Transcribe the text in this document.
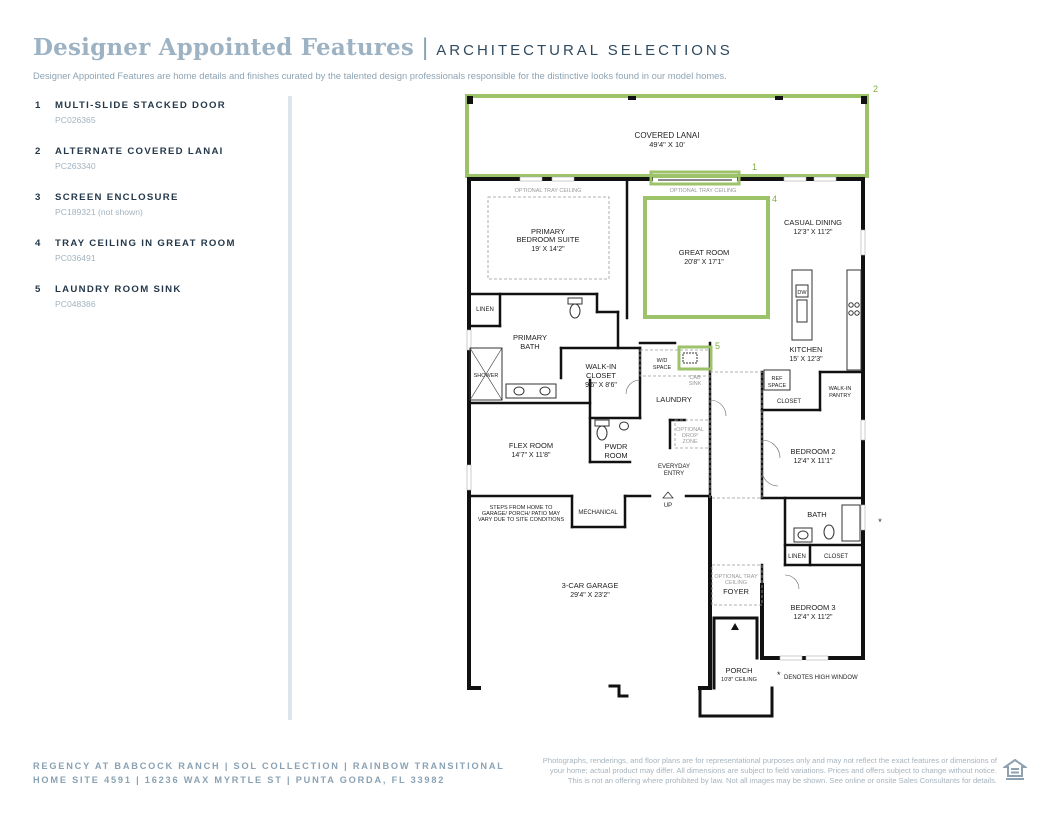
Designer Appointed Features | ARCHITECTURAL SELECTIONS
Designer Appointed Features are home details and finishes curated by the talented design professionals responsible for the distinctive looks found in our model homes.
1	MULTI-SLIDE STACKED DOOR
PC026365
2	ALTERNATE COVERED LANAI
PC263340
3	SCREEN ENCLOSURE
PC189321 (not shown)
4	TRAY CEILING IN GREAT ROOM
PC036491
5	LAUNDRY ROOM SINK
PC048386
1
2
4
5
COVERED LANAI
49'4" X 10'
OPTIONAL TRAY CEILING	OPTIONAL TRAY CEILING
PRIMARY
BEDROOM SUITE
19' X 14'2"	GREAT ROOM
20'8" X 17'1"
CASUAL DINING
12'3" X 11'2"
DW
KITCHEN
15' X 12'3"
LINEN
PRIMARY
BATH
SHOWER
WALK-IN
CLOSET
9'6" X 8'6"
W/D
SPACE
CAB
SINK
REF
SPACE	WALK-IN
PANTRY
LAUNDRY	CLOSET
FLEX ROOM
14'7" X 11'8"
PWDR
ROOM
OPTIONAL
DROP
ZONE
BEDROOM 2
12'4" X 11'1"
EVERYDAY
ENTRY
STEPS FROM HOME TO
GARAGE/ PORCH/ PATIO MAY
VARY DUE TO SITE CONDITIONS
MECHANICAL
UP
BATH
*
LINEN	CLOSET
3-CAR GARAGE
29'4" X 23'2"
OPTIONAL TRAY
CEILING
FOYER
BEDROOM 3
12'4" X 11'2"
PORCH
10'8" CEILING * DENOTES HIGH WINDOW
REGENCY AT BABCOCK RANCH | SOL COLLECTION | RAINBOW TRANSITIONAL
HOME SITE 4591 | 16236 WAX MYRTLE ST | PUNTA GORDA, FL 33982
Photographs, renderings, and floor plans are for representational purposes only and may not reflect the exact features or dimensions of
your home; actual product may differ. All dimensions are subject to field variations. Prices and offers subject to change without notice.
This is not an offering where prohibited by law. Not all images may be shown. See online or onsite Sales Consultants for details.
